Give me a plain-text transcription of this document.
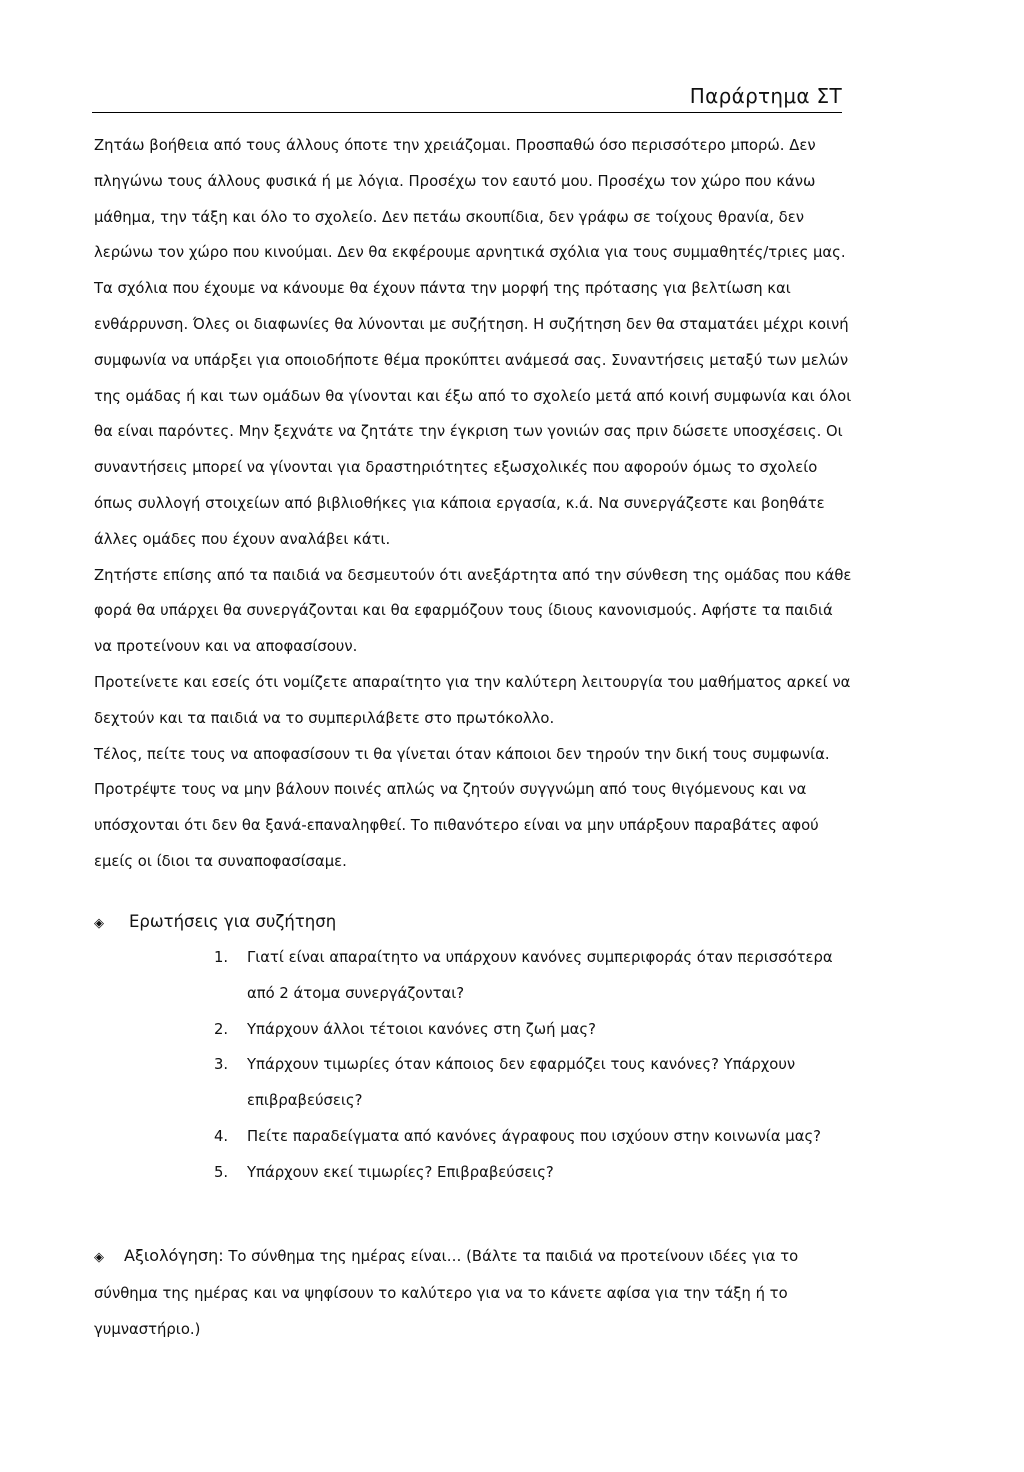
Παράρτημα ΣΤ

Ζητάω βοήθεια από τους άλλους όποτε την χρειάζομαι. Προσπαθώ όσο περισσότερο μπορώ. Δεν πληγώνω τους άλλους φυσικά ή με λόγια. Προσέχω τον εαυτό μου. Προσέχω τον χώρο που κάνω μάθημα, την τάξη και όλο το σχολείο. Δεν πετάω σκουπίδια, δεν γράφω σε τοίχους θρανία, δεν λερώνω τον χώρο που κινούμαι. Δεν θα εκφέρουμε αρνητικά σχόλια για τους συμμαθητές/τριες μας. Τα σχόλια που έχουμε να κάνουμε θα έχουν πάντα την μορφή της πρότασης για βελτίωση και ενθάρρυνση. Όλες οι διαφωνίες θα λύνονται με συζήτηση. Η συζήτηση δεν θα σταματάει μέχρι κοινή συμφωνία να υπάρξει για οποιοδήποτε θέμα προκύπτει ανάμεσά σας. Συναντήσεις μεταξύ των μελών της ομάδας ή και των ομάδων θα γίνονται και έξω από το σχολείο μετά από κοινή συμφωνία και όλοι θα είναι παρόντες. Μην ξεχνάτε να ζητάτε την έγκριση των γονιών σας πριν δώσετε υποσχέσεις. Οι συναντήσεις μπορεί να γίνονται για δραστηριότητες εξωσχολικές που αφορούν όμως το σχολείο όπως συλλογή στοιχείων από βιβλιοθήκες για κάποια εργασία, κ.ά. Να συνεργάζεστε και βοηθάτε άλλες ομάδες που έχουν αναλάβει κάτι.

Ζητήστε επίσης από τα παιδιά να δεσμευτούν ότι ανεξάρτητα από την σύνθεση της ομάδας που κάθε φορά θα υπάρχει θα συνεργάζονται και θα εφαρμόζουν τους ίδιους κανονισμούς. Αφήστε τα παιδιά να προτείνουν και να αποφασίσουν.

Προτείνετε και εσείς ότι νομίζετε απαραίτητο για την καλύτερη λειτουργία του μαθήματος αρκεί να δεχτούν και τα παιδιά να το συμπεριλάβετε στο πρωτόκολλο.

Τέλος, πείτε τους να αποφασίσουν τι θα γίνεται όταν κάποιοι δεν τηρούν την δική τους συμφωνία. Προτρέψτε τους να μην βάλουν ποινές απλώς να ζητούν συγγνώμη από τους θιγόμενους και να υπόσχονται ότι δεν θα ξανά-επαναληφθεί. Το πιθανότερο είναι να μην υπάρξουν παραβάτες αφού εμείς οι ίδιοι τα συναποφασίσαμε.

◈ Ερωτήσεις για συζήτηση
1.	Γιατί είναι απαραίτητο να υπάρχουν κανόνες συμπεριφοράς όταν περισσότερα από 2 άτομα συνεργάζονται?
2.	Υπάρχουν άλλοι τέτοιοι κανόνες στη ζωή μας?
3.	Υπάρχουν τιμωρίες όταν κάποιος δεν εφαρμόζει τους κανόνες? Υπάρχουν επιβραβεύσεις?
4.	Πείτε παραδείγματα από κανόνες άγραφους που ισχύουν στην κοινωνία μας?
5.	Υπάρχουν εκεί τιμωρίες? Επιβραβεύσεις?
◈ Αξιολόγηση: Το σύνθημα της ημέρας είναι… (Βάλτε τα παιδιά να προτείνουν ιδέες για το σύνθημα της ημέρας και να ψηφίσουν το καλύτερο για να το κάνετε αφίσα για την τάξη ή το γυμναστήριο.)
